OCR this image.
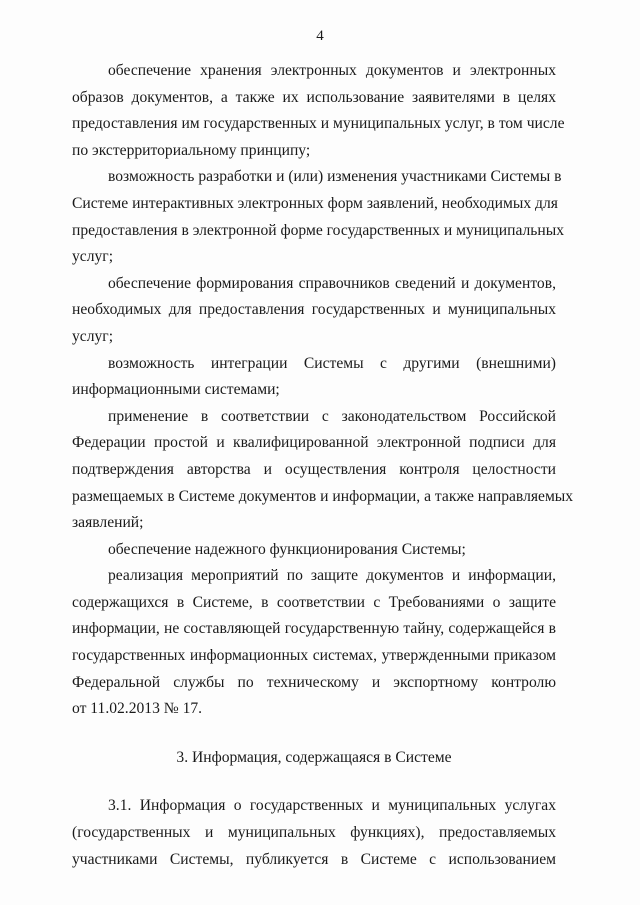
4
обеспечение хранения электронных документов и электронных
образов документов, а также их использование заявителями в целях
предоставления им государственных и муниципальных услуг, в том числе
по экстерриториальному принципу;
возможность разработки и (или) изменения участниками Системы в
Системе интерактивных электронных форм заявлений, необходимых для
предоставления в электронной форме государственных и муниципальных
услуг;
обеспечение формирования справочников сведений и документов,
необходимых для предоставления государственных и муниципальных
услуг;
возможность интеграции Системы с другими (внешними)
информационными системами;
применение в соответствии с законодательством Российской
Федерации простой и квалифицированной электронной подписи для
подтверждения авторства и осуществления контроля целостности
размещаемых в Системе документов и информации, а также направляемых
заявлений;
обеспечение надежного функционирования Системы;
реализация мероприятий по защите документов и информации,
содержащихся в Системе, в соответствии с Требованиями о защите
информации, не составляющей государственную тайну, содержащейся в
государственных информационных системах, утвержденными приказом
Федеральной службы по техническому и экспортному контролю
от 11.02.2013 № 17.
3. Информация, содержащаяся в Системе
3.1. Информация о государственных и муниципальных услугах
(государственных и муниципальных функциях), предоставляемых
участниками Системы, публикуется в Системе с использованием
